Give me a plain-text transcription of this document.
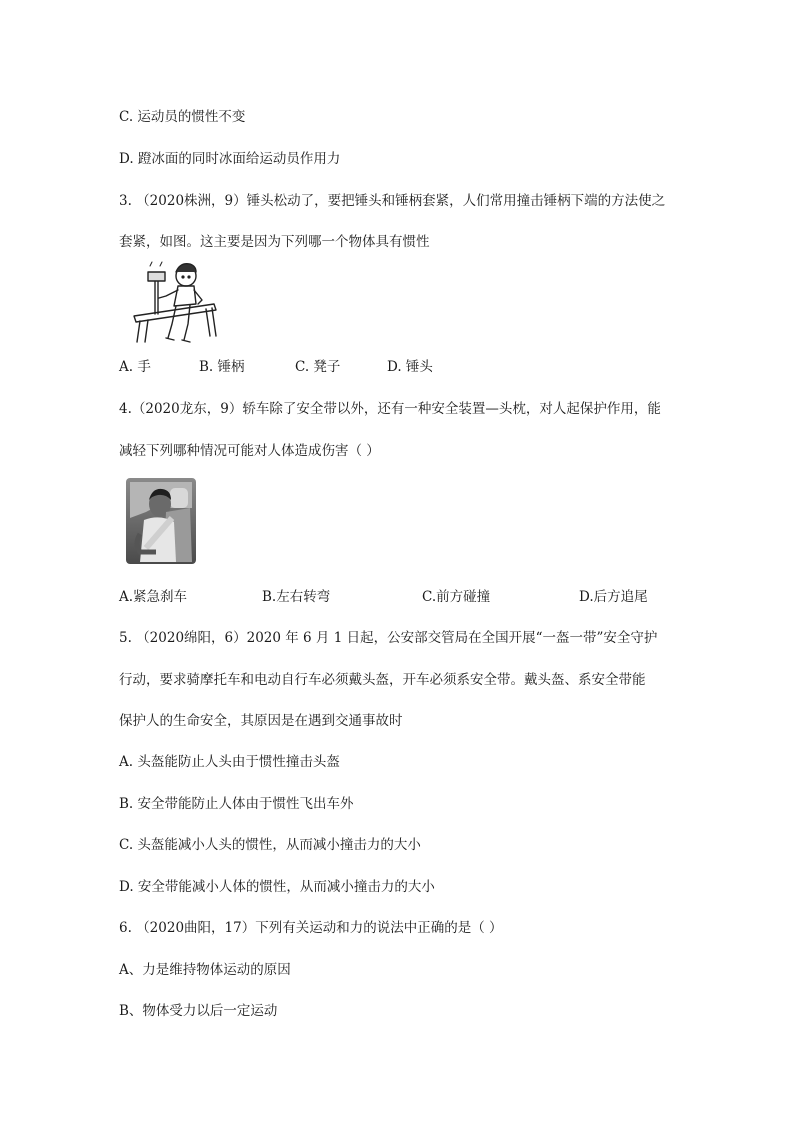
C. 运动员的惯性不变
D. 蹬冰面的同时冰面给运动员作用力
3. （2020株洲，9）锤头松动了，要把锤头和锤柄套紧，人们常用撞击锤柄下端的方法使之
套紧，如图。这主要是因为下列哪一个物体具有惯性
A. 手	B. 锤柄	C. 凳子	D. 锤头
4.（2020龙东，9）轿车除了安全带以外，还有一种安全装置—头枕，对人起保护作用，能
减轻下列哪种情况可能对人体造成伤害（ ）
A.紧急刹车	B.左右转弯	C.前方碰撞	D.后方追尾
5. （2020绵阳，6）2020 年 6 月 1 日起，公安部交管局在全国开展“一盔一带”安全守护
行动，要求骑摩托车和电动自行车必须戴头盔，开车必须系安全带。戴头盔、系安全带能
保护人的生命安全，其原因是在遇到交通事故时
A. 头盔能防止人头由于惯性撞击头盔
B. 安全带能防止人体由于惯性飞出车外
C. 头盔能减小人头的惯性，从而减小撞击力的大小
D. 安全带能减小人体的惯性，从而减小撞击力的大小
6. （2020曲阳，17）下列有关运动和力的说法中正确的是（ ）
A、力是维持物体运动的原因
B、物体受力以后一定运动
